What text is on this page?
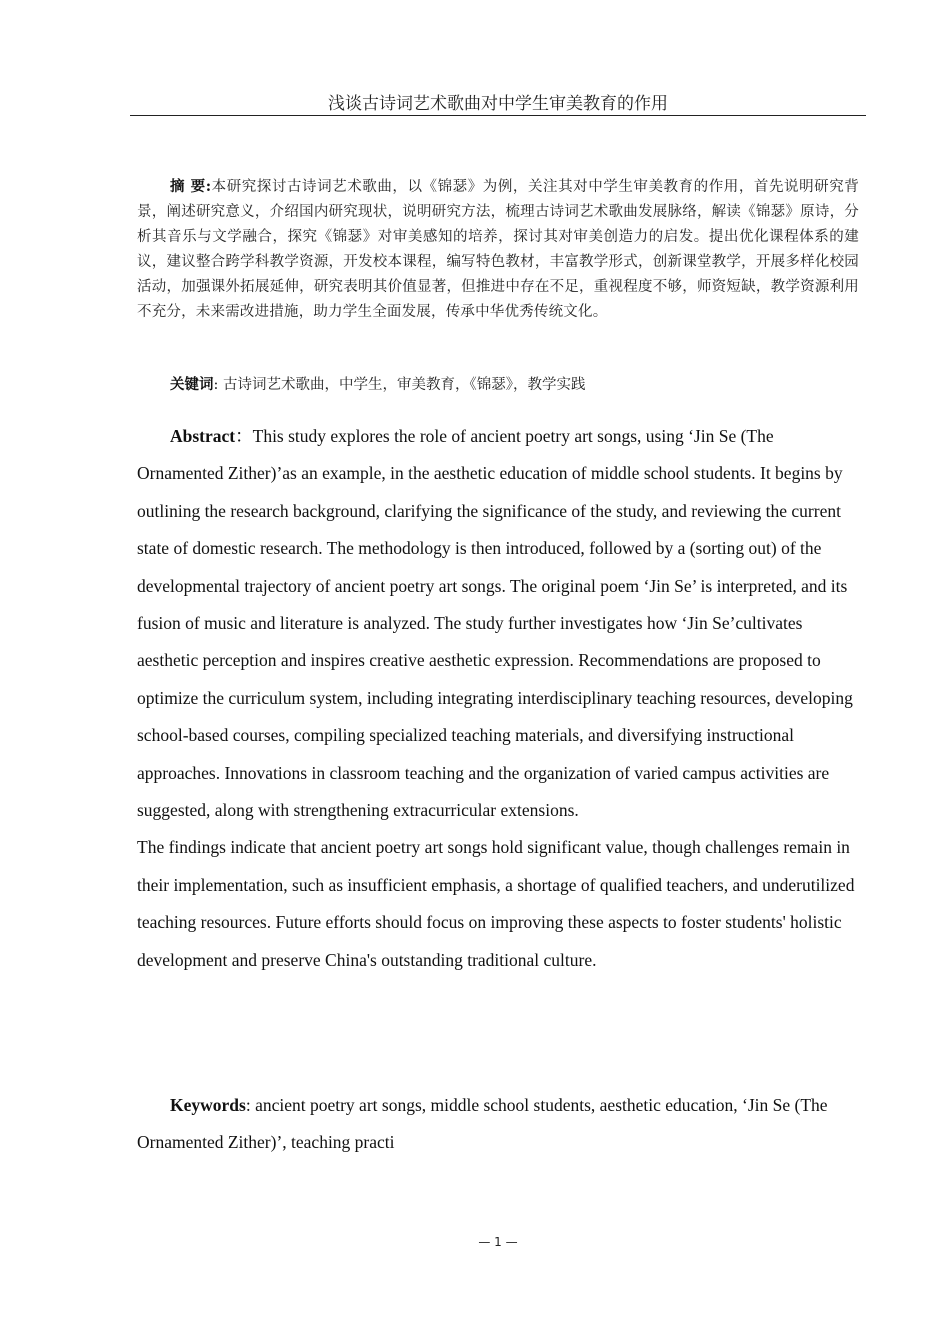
浅谈古诗词艺术歌曲对中学生审美教育的作用
摘 要:本研究探讨古诗词艺术歌曲，以《锦瑟》为例，关注其对中学生审美教育的作用，首先说明研究背景，阐述研究意义，介绍国内研究现状，说明研究方法，梳理古诗词艺术歌曲发展脉络，解读《锦瑟》原诗，分析其音乐与文学融合，探究《锦瑟》对审美感知的培养，探讨其对审美创造力的启发。提出优化课程体系的建议，建议整合跨学科教学资源，开发校本课程，编写特色教材，丰富教学形式，创新课堂教学，开展多样化校园活动，加强课外拓展延伸，研究表明其价值显著，但推进中存在不足，重视程度不够，师资短缺，教学资源利用不充分，未来需改进措施，助力学生全面发展，传承中华优秀传统文化。
关键词: 古诗词艺术歌曲，中学生，审美教育，《锦瑟》，教学实践

Abstract：This study explores the role of ancient poetry art songs, using ‘Jin Se (The Ornamented Zither)’as an example, in the aesthetic education of middle school students. It begins by outlining the research background, clarifying the significance of the study, and reviewing the current state of domestic research. The methodology is then introduced, followed by a (sorting out) of the developmental trajectory of ancient poetry art songs. The original poem ‘Jin Se’ is interpreted, and its fusion of music and literature is analyzed. The study further investigates how ‘Jin Se’cultivates aesthetic perception and inspires creative aesthetic expression. Recommendations are proposed to optimize the curriculum system, including integrating interdisciplinary teaching resources, developing school-based courses, compiling specialized teaching materials, and diversifying instructional approaches. Innovations in classroom teaching and the organization of varied campus activities are suggested, along with strengthening extracurricular extensions.

The findings indicate that ancient poetry art songs hold significant value, though challenges remain in their implementation, such as insufficient emphasis, a shortage of qualified teachers, and underutilized teaching resources. Future efforts should focus on improving these aspects to foster students' holistic development and preserve China's outstanding traditional culture.

Keywords: ancient poetry art songs, middle school students, aesthetic education, ‘Jin Se (The Ornamented Zither)’, teaching practi
— 1 —
